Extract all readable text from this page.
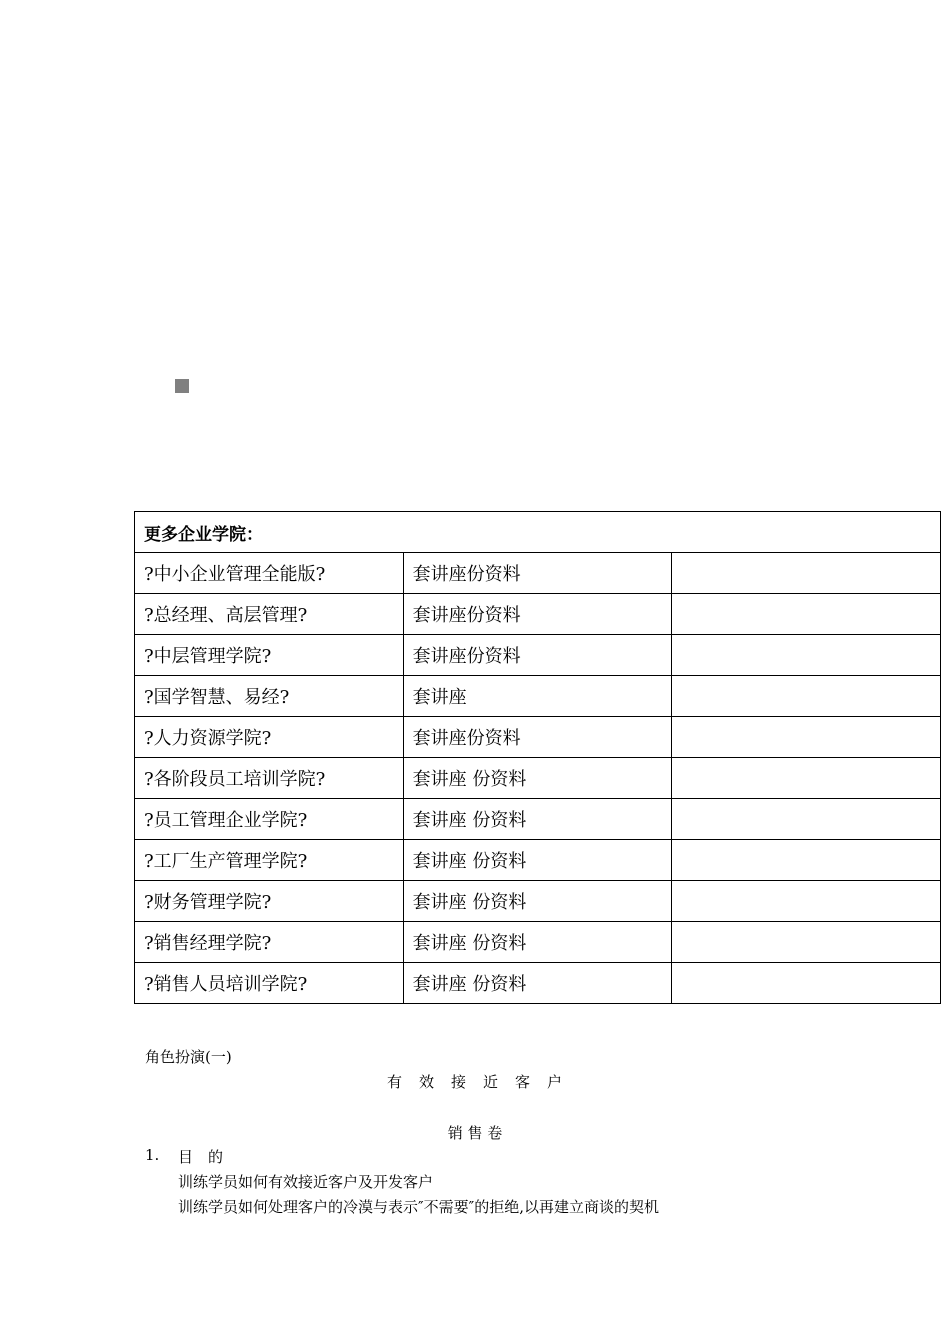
更多企业学院：		
?中小企业管理全能版?	套讲座份资料	
?总经理、高层管理?	套讲座份资料	
?中层管理学院?	套讲座份资料	
?国学智慧、易经?	套讲座	
?人力资源学院?	套讲座份资料	
?各阶段员工培训学院?	套讲座 份资料	
?员工管理企业学院?	套讲座 份资料	
?工厂生产管理学院?	套讲座 份资料	
?财务管理学院?	套讲座 份资料	
?销售经理学院?	套讲座 份资料	
?销售人员培训学院?	套讲座 份资料	
角色扮演(一)
有　效　接　近　客　户
销 售 卷
1. 目　的
训练学员如何有效接近客户及开发客户
训练学员如何处理客户的冷漠与表示″不需要″的拒绝,以再建立商谈的契机
